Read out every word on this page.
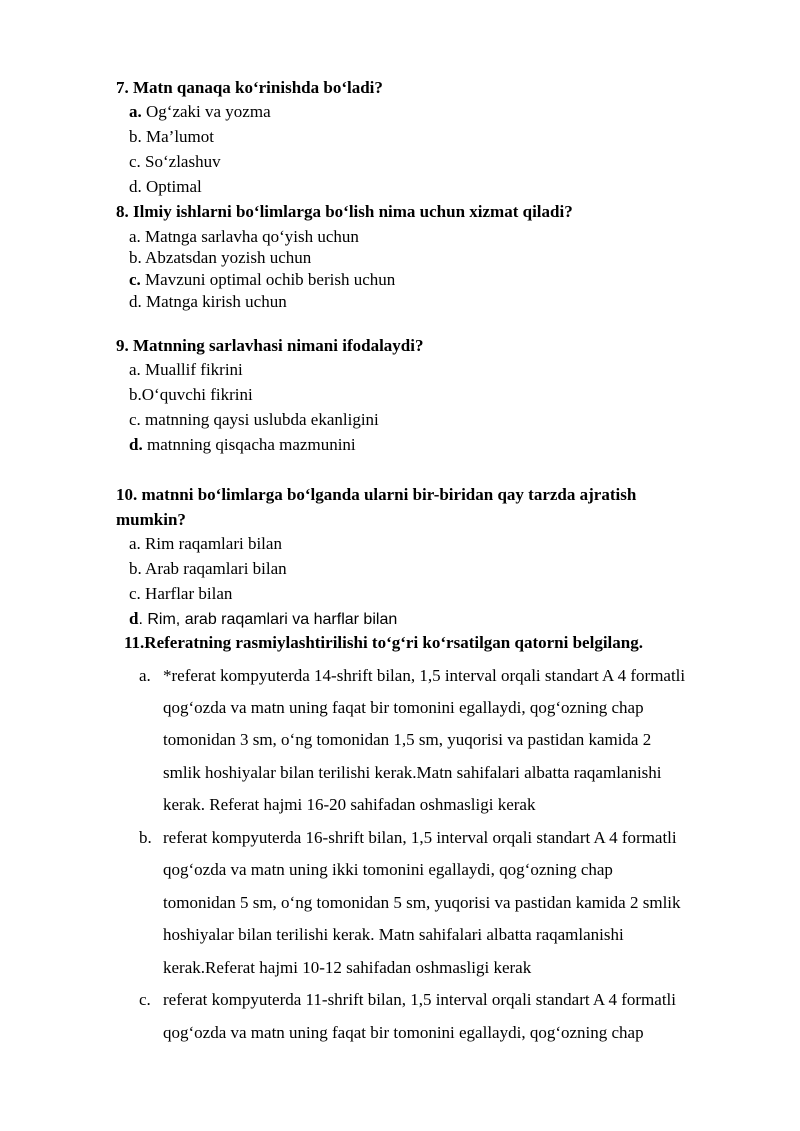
7. Matn qanaqa ko‘rinishda bo‘ladi?
a. Og‘zaki va yozma
b. Ma’lumot
c. So‘zlashuv
d. Optimal
8. Ilmiy ishlarni bo‘limlarga bo‘lish nima uchun xizmat qiladi?
a. Matnga sarlavha qo‘yish uchun
b. Abzatsdan yozish uchun
c. Mavzuni optimal ochib berish uchun
d. Matnga kirish uchun
9. Matnning sarlavhasi nimani ifodalaydi?
a. Muallif fikrini
b.O‘quvchi fikrini
c. matnning qaysi uslubda ekanligini
d. matnning qisqacha mazmunini
10. matnni bo‘limlarga bo‘lganda ularni bir-biridan qay tarzda ajratish
mumkin?
a. Rim raqamlari bilan
b. Arab raqamlari bilan
c. Harflar bilan
d. Rim, arab raqamlari va harflar bilan
11.Referatning rasmiylashtirilishi to‘g‘ri ko‘rsatilgan qatorni belgilang.
a. *referat kompyuterda 14-shrift bilan, 1,5 interval orqali standart A 4 formatli
qog‘ozda va matn uning faqat bir tomonini egallaydi, qog‘ozning chap
tomonidan 3 sm, o‘ng tomonidan 1,5 sm, yuqorisi va pastidan kamida 2
smlik hoshiyalar bilan terilishi kerak.Matn sahifalari albatta raqamlanishi
kerak. Referat hajmi 16-20 sahifadan oshmasligi kerak
b. referat kompyuterda 16-shrift bilan, 1,5 interval orqali standart A 4 formatli
qog‘ozda va matn uning ikki tomonini egallaydi, qog‘ozning chap
tomonidan 5 sm, o‘ng tomonidan 5 sm, yuqorisi va pastidan kamida 2 smlik
hoshiyalar bilan terilishi kerak. Matn sahifalari albatta raqamlanishi
kerak.Referat hajmi 10-12 sahifadan oshmasligi kerak
c. referat kompyuterda 11-shrift bilan, 1,5 interval orqali standart A 4 formatli
qog‘ozda va matn uning faqat bir tomonini egallaydi, qog‘ozning chap
